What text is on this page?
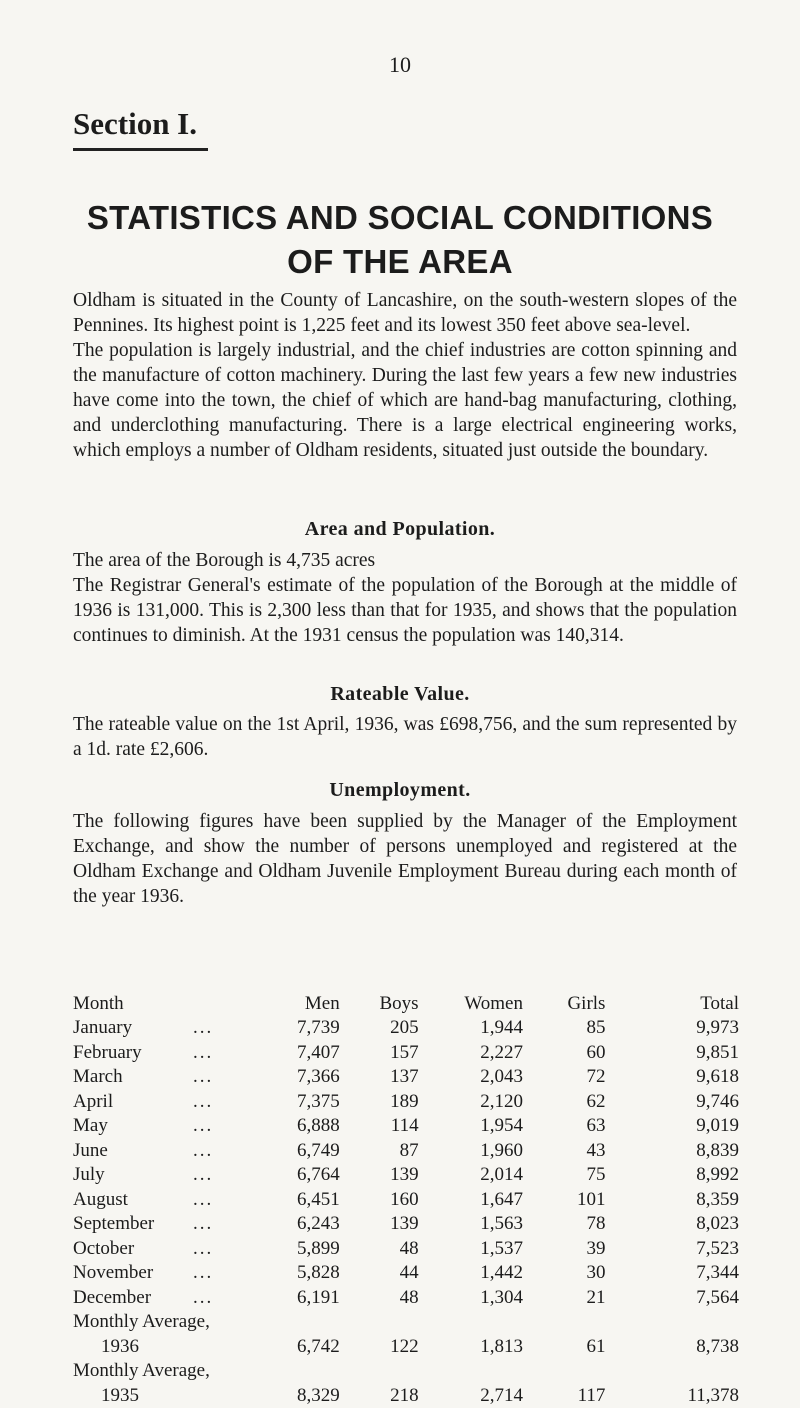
10
Section I.
STATISTICS AND SOCIAL CONDITIONS
OF THE AREA

Oldham is situated in the County of Lancashire, on the south-western slopes of the Pennines. Its highest point is 1,225 feet and its lowest 350 feet above sea-level.

The population is largely industrial, and the chief industries are cotton spinning and the manufacture of cotton machinery. During the last few years a few new industries have come into the town, the chief of which are hand-bag manufacturing, clothing, and underclothing manufacturing. There is a large electrical engineering works, which employs a number of Oldham residents, situated just outside the boundary.

Area and Population.

The area of the Borough is 4,735 acres

The Registrar General's estimate of the population of the Borough at the middle of 1936 is 131,000. This is 2,300 less than that for 1935, and shows that the population continues to diminish. At the 1931 census the population was 140,314.

Rateable Value.

The rateable value on the 1st April, 1936, was £698,756, and the sum represented by a 1d. rate £2,606.

Unemployment.

The following figures have been supplied by the Manager of the Employment Exchange, and show the number of persons unemployed and registered at the Oldham Exchange and Oldham Juvenile Employment Bureau during each month of the year 1936.

Month	Men	Boys	Women	Girls	Total
January ...	7,739	205	1,944	85	9,973
February ...	7,407	157	2,227	60	9,851
March ...	7,366	137	2,043	72	9,618
April ...	7,375	189	2,120	62	9,746
May ...	6,888	114	1,954	63	9,019
June ...	6,749	87	1,960	43	8,839
July ...	6,764	139	2,014	75	8,992
August ...	6,451	160	1,647	101	8,359
September ...	6,243	139	1,563	78	8,023
October ...	5,899	48	1,537	39	7,523
November ...	5,828	44	1,442	30	7,344
December ...	6,191	48	1,304	21	7,564
Monthly Average,					
1936	6,742	122	1,813	61	8,738
Monthly Average,					
1935	8,329	218	2,714	117	11,378
